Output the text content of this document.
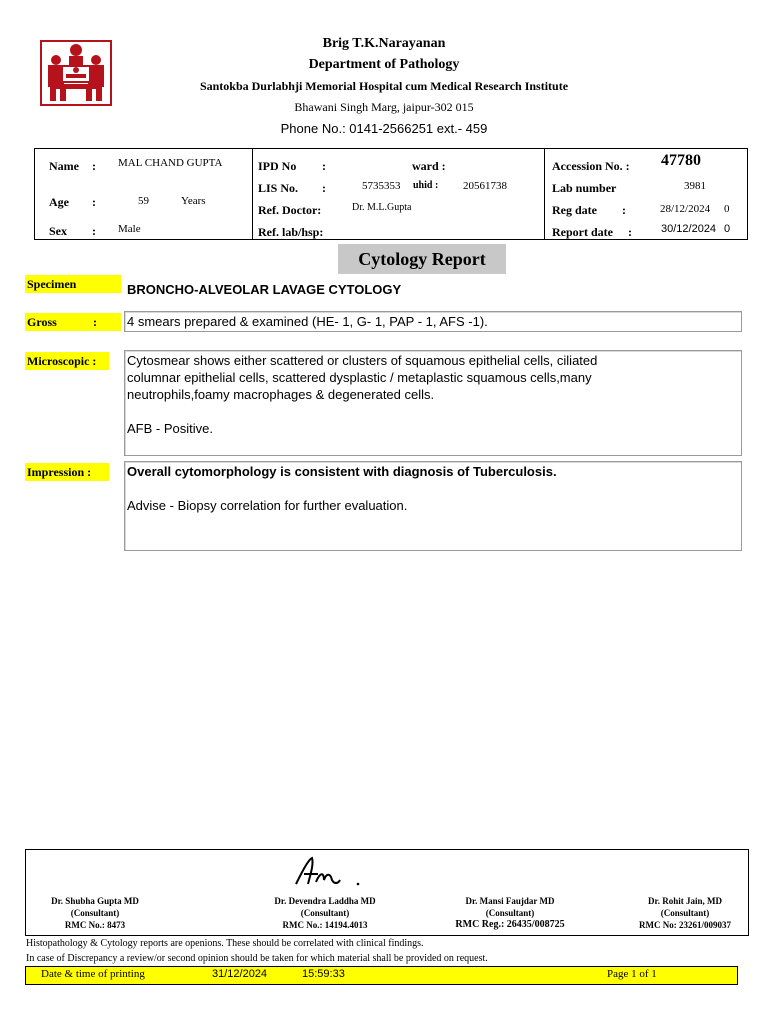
Brig T.K.Narayanan
Department of Pathology
Santokba Durlabhji Memorial Hospital cum Medical Research Institute
Bhawani Singh Marg, jaipur-302 015
Phone No.: 0141-2566251 ext.- 459
Name : MAL CHAND GUPTA
Age :	59	Years
Sex : Male
IPD No :	ward :
LIS No. :	5735353 uhid : 20561738
Ref. Doctor:	Dr. M.L.Gupta
Ref. lab/hsp:
Accession No. : 47780
Lab number	3981
Reg date :	28/12/2024 0
Report date :	30/12/2024 0
Cytology Report
Specimen	BRONCHO-ALVEOLAR LAVAGE CYTOLOGY
Gross	: 4 smears prepared & examined (HE- 1, G- 1, PAP - 1, AFS -1).

Microscopic :	Cytosmear shows either scattered or clusters of squamous epithelial cells, ciliated

columnar epithelial cells, scattered dysplastic / metaplastic squamous cells,many

neutrophils,foamy macrophages & degenerated cells.

AFB - Positive.

Impression :	Overall cytomorphology is consistent with diagnosis of Tuberculosis.

Advise - Biopsy correlation for further evaluation.

Dr. Shubha Gupta MD
(Consultant)
RMC No.: 8473
Dr. Devendra Laddha MD
(Consultant)
RMC No.: 14194.4013
Dr. Mansi Faujdar MD
(Consultant)
RMC Reg.: 26435/008725
Dr. Rohit Jain, MD
(Consultant)
RMC No: 23261/009037
Histopathology & Cytology reports are openions. These should be correlated with clinical findings.
In case of Discrepancy a review/or second opinion should be taken for which material shall be provided on request.
Date & time of printing	31/12/2024	15:59:33	Page 1 of 1
